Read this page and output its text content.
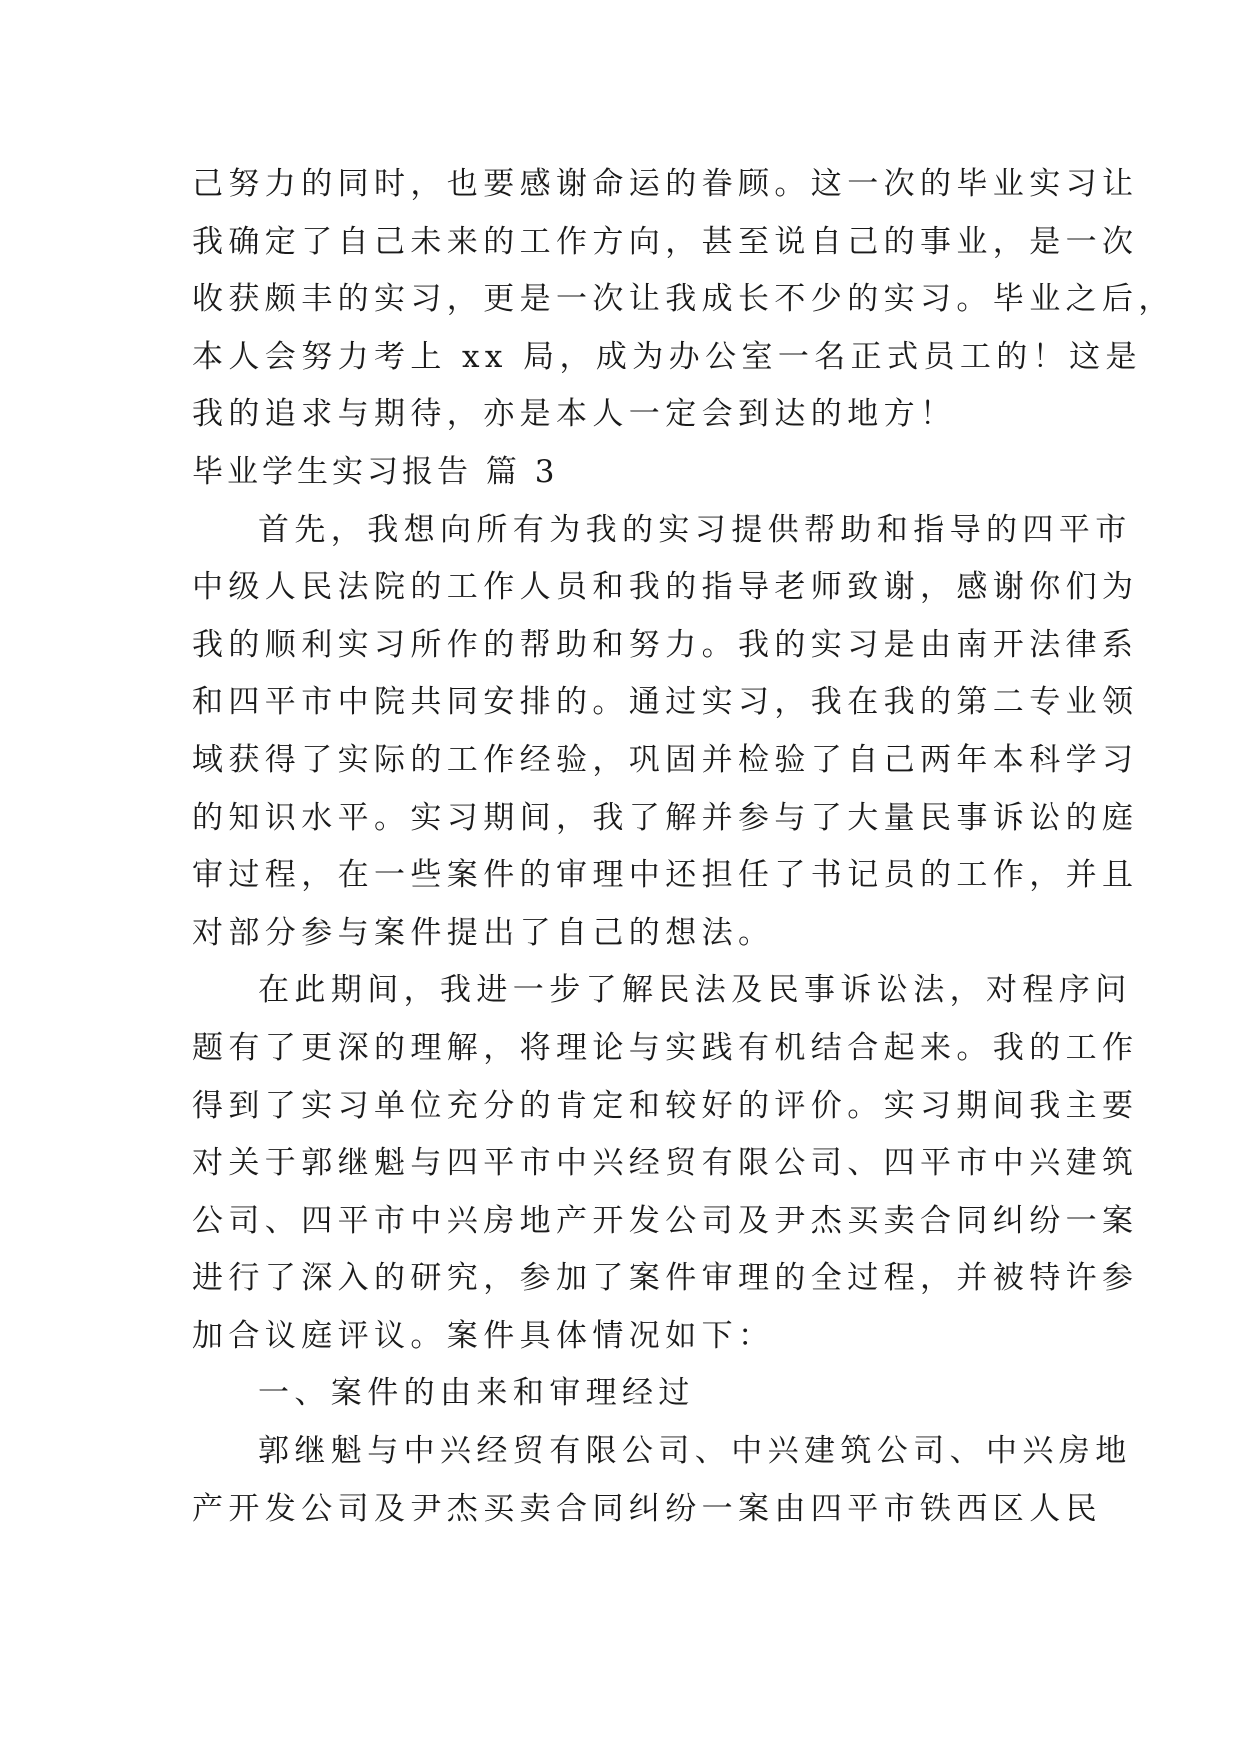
己努力的同时，也要感谢命运的眷顾。这一次的毕业实习让
我确定了自己未来的工作方向，甚至说自己的事业，是一次
收获颇丰的实习，更是一次让我成长不少的实习。毕业之后，
本人会努力考上 xx 局，成为办公室一名正式员工的！这是
我的追求与期待，亦是本人一定会到达的地方！
毕业学生实习报告 篇 3
首先，我想向所有为我的实习提供帮助和指导的四平市
中级人民法院的工作人员和我的指导老师致谢，感谢你们为
我的顺利实习所作的帮助和努力。我的实习是由南开法律系
和四平市中院共同安排的。通过实习，我在我的第二专业领
域获得了实际的工作经验，巩固并检验了自己两年本科学习
的知识水平。实习期间，我了解并参与了大量民事诉讼的庭
审过程，在一些案件的审理中还担任了书记员的工作，并且
对部分参与案件提出了自己的想法。
在此期间，我进一步了解民法及民事诉讼法，对程序问
题有了更深的理解，将理论与实践有机结合起来。我的工作
得到了实习单位充分的肯定和较好的评价。实习期间我主要
对关于郭继魁与四平市中兴经贸有限公司、四平市中兴建筑
公司、四平市中兴房地产开发公司及尹杰买卖合同纠纷一案
进行了深入的研究，参加了案件审理的全过程，并被特许参
加合议庭评议。案件具体情况如下：
一、案件的由来和审理经过
郭继魁与中兴经贸有限公司、中兴建筑公司、中兴房地
产开发公司及尹杰买卖合同纠纷一案由四平市铁西区人民
